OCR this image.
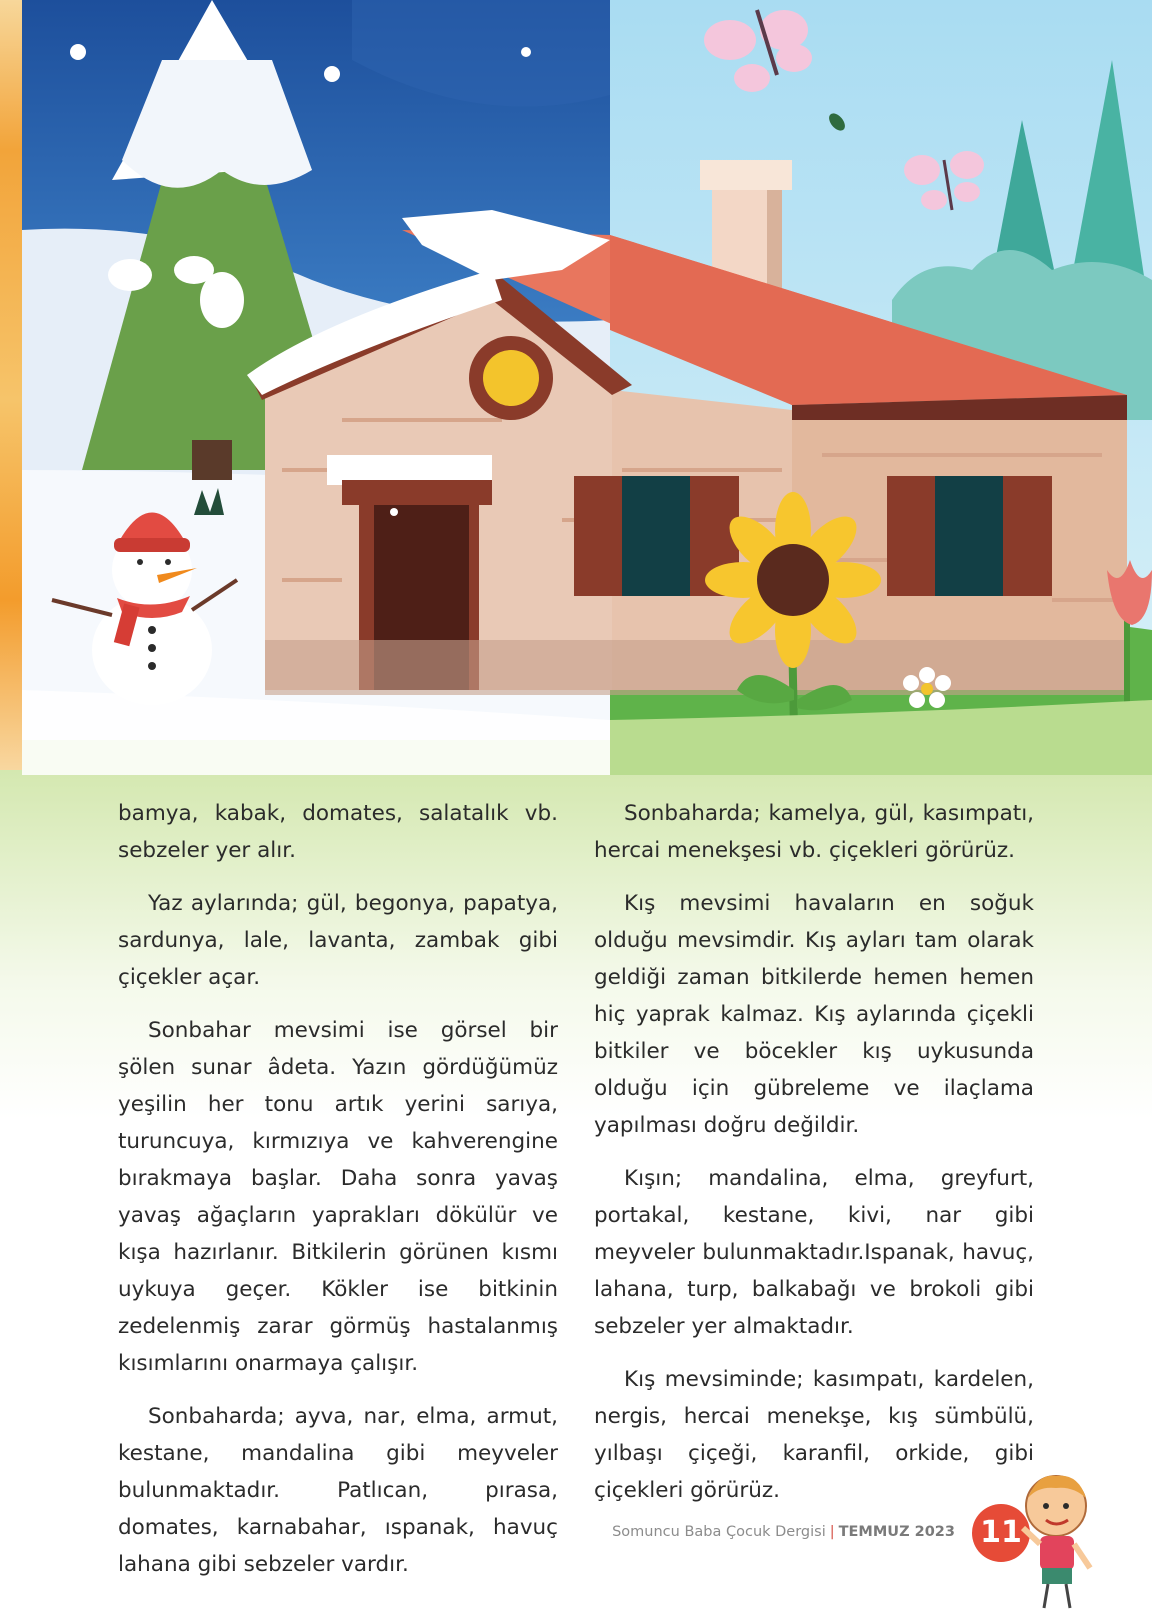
bamya, kabak, domates, salatalık vb. sebzeler yer alır.

Yaz aylarında; gül, begonya, papatya, sardunya, lale, lavanta, zambak gibi çiçekler açar.

Sonbahar mevsimi ise görsel bir şölen sunar âdeta. Yazın gördüğümüz yeşilin her tonu artık yerini sarıya, turuncuya, kırmızıya ve kahverengine bırakmaya başlar. Daha sonra yavaş yavaş ağaçların yaprakları dökülür ve kışa hazırlanır. Bitkilerin görünen kısmı uykuya geçer. Kökler ise bitkinin zedelenmiş zarar görmüş hastalanmış kısımlarını onarmaya çalışır.

Sonbaharda; ayva, nar, elma, armut, kestane, mandalina gibi meyveler bulunmaktadır. Patlıcan, pırasa, domates, karnabahar, ıspanak, havuç lahana gibi sebzeler vardır.

Sonbaharda; kamelya, gül, kasımpatı, hercai menekşesi vb. çiçekleri görürüz.

Kış mevsimi havaların en soğuk olduğu mevsimdir. Kış ayları tam olarak geldiği zaman bitkilerde hemen hemen hiç yaprak kalmaz. Kış aylarında çiçekli bitkiler ve böcekler kış uykusunda olduğu için gübreleme ve ilaçlama yapılması doğru değildir.

Kışın; mandalina, elma, greyfurt, portakal, kestane, kivi, nar gibi meyveler bulunmaktadır.Ispanak, havuç, lahana, turp, balkabağı ve brokoli gibi sebzeler yer almaktadır.

Kış mevsiminde; kasımpatı, kardelen, nergis, hercai menekşe, kış sümbülü, yılbaşı çiçeği, karanfil, orkide, gibi çiçekleri görürüz.

Somuncu Baba Çocuk Dergisi | TEMMUZ 2023 11
